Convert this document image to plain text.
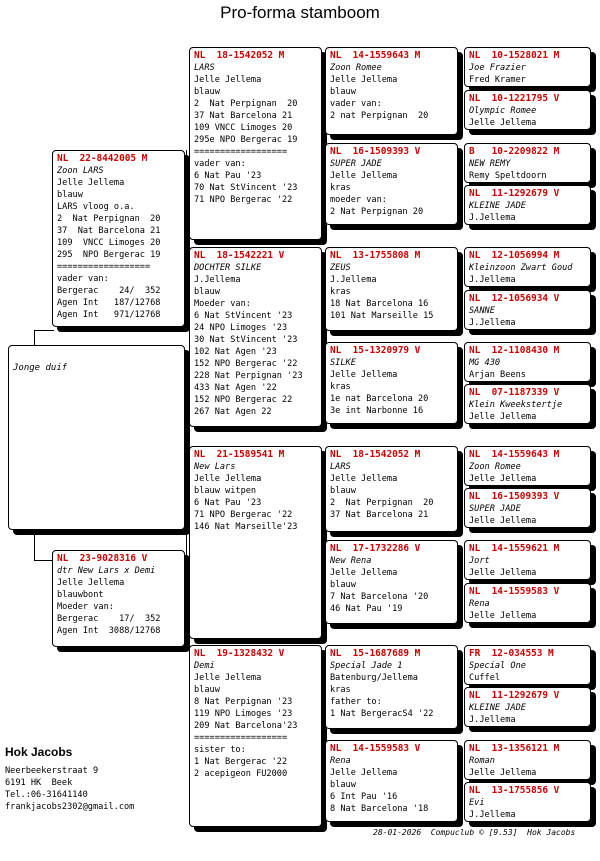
Pro-forma stamboom
Jonge duif
NL  22-8442005 M
Zoon LARS
Jelle Jellema
blauw
LARS vloog o.a.
2  Nat Perpignan  20
37  Nat Barcelona 21
109  VNCC Limoges 20
295  NPO Bergerac 19
==================
vader van:
Bergerac    24/  352
Agen Int   187/12768
Agen Int   971/12768
NL  23-9028316 V
dtr New Lars x Demi
Jelle Jellema
blauwbont
Moeder van:
Bergerac    17/  352
Agen Int  3088/12768
NL  18-1542052 M
LARS
Jelle Jellema
blauw
2  Nat Perpignan  20
37 Nat Barcelona 21
109 VNCC Limoges 20
295e NPO Bergerac 19
==================
vader van:
6 Nat Pau '23
70 Nat StVincent '23
71 NPO Bergerac '22
NL  18-1542221 V
DOCHTER SILKE
J.Jellema
blauw
Moeder van:
6 Nat StVincent '23
24 NPO Limoges '23
30 Nat StVincent '23
102 Nat Agen '23
152 NPO Bergerac '22
228 Nat Perpignan '23
433 Nat Agen '22
152 NPO Bergerac 22
267 Nat Agen 22
NL  21-1589541 M
New Lars
Jelle Jellema
blauw witpen
6 Nat Pau '23
71 NPO Bergerac '22
146 Nat Marseille'23
NL  19-1328432 V
Demi
Jelle Jellema
blauw
8 Nat Perpignan '23
119 NPO Limoges '23
209 Nat Barcelona'23
==================
sister to:
1 Nat Bergerac '22
2 acepigeon FU2000
NL  14-1559643 M
Zoon Romee
Jelle Jellema
blauw
vader van:
2 nat Perpignan  20
NL  16-1509393 V
SUPER JADE
Jelle Jellema
kras
moeder van:
2 Nat Perpignan 20
NL  13-1755808 M
ZEUS
J.Jellema
kras
18 Nat Barcelona 16
101 Nat Marseille 15
NL  15-1320979 V
SILKE
Jelle Jellema
kras
1e nat Barcelona 20
3e int Narbonne 16
NL  18-1542052 M
LARS
Jelle Jellema
blauw
2  Nat Perpignan  20
37 Nat Barcelona 21
NL  17-1732286 V
New Rena
Jelle Jellema
blauw
7 Nat Barcelona '20
46 Nat Pau '19
NL  15-1687689 M
Special Jade 1
Batenburg/Jellema
kras
father to:
1 Nat BergeracS4 '22
NL  14-1559583 V
Rena
Jelle Jellema
blauw
6 Int Pau '16
8 Nat Barcelona '18
NL  10-1528021 M
Joe Frazier
Fred Kramer
NL  10-1221795 V
Olympic Romee
Jelle Jellema
B   10-2209822 M
NEW REMY
Remy Speltdoorn
NL  11-1292679 V
KLEINE JADE
J.Jellema
NL  12-1056994 M
Kleinzoon Zwart Goud
J.Jellema
NL  12-1056934 V
SANNE
J.Jellema
NL  12-1108430 M
MG 430
Arjan Beens
NL  07-1187339 V
Klein Kweekstertje
Jelle Jellema
NL  14-1559643 M
Zoon Romee
Jelle Jellema
NL  16-1509393 V
SUPER JADE
Jelle Jellema
NL  14-1559621 M
Jort
Jelle Jellema
NL  14-1559583 V
Rena
Jelle Jellema
FR  12-034553 M
Special One
Cuffel
NL  11-1292679 V
KLEINE JADE
J.Jellema
NL  13-1356121 M
Roman
Jelle Jellema
NL  13-1755856 V
Evi
J.Jellema
Hok Jacobs
Neerbeekerstraat 9
6191 HK  Beek
Tel.:06-31641140
frankjacobs2302@gmail.com
28-01-2026  Compuclub © [9.53]  Hok Jacobs
